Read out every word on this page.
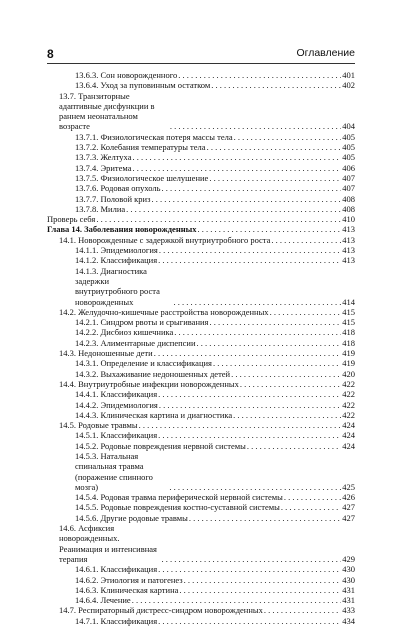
8	Оглавление
13.6.3. Сон новорожденного . . .	401
13.6.4. Уход за пуповинным остатком . . .	402
13.7. Транзиторные адаптивные дисфункции в раннем неонатальном возрасте . . .	404
13.7.1. Физиологическая потеря массы тела . . .	405
13.7.2. Колебания температуры тела . . .	405
13.7.3. Желтуха . . .	405
13.7.4. Эритема . . .	406
13.7.5. Физиологическое шелушение . . .	407
13.7.6. Родовая опухоль . . .	407
13.7.7. Половой криз . . .	408
13.7.8. Милиа . . .	408
Проверь себя . . .	410
Глава 14. Заболевания новорожденных . . .	413
14.1. Новорожденные с задержкой внутриутробного роста . . .	413
14.1.1. Эпидемиология . . .	413
14.1.2. Классификация . . .	413
14.1.3. Диагностика задержки внутриутробного роста новорожденных . . .	414
14.2. Желудочно-кишечные расстройства новорожденных . . .	415
14.2.1. Синдром рвоты и срыгивания . . .	415
14.2.2. Дисбиоз кишечника . . .	418
14.2.3. Алиментарные диспепсии . . .	418
14.3. Недоношенные дети . . .	419
14.3.1. Определение и классификация . . .	419
14.3.2. Выхаживание недоношенных детей . . .	420
14.4. Внутриутробные инфекции новорожденных . . .	422
14.4.1. Классификация . . .	422
14.4.2. Эпидемиология . . .	422
14.4.3. Клиническая картина и диагностика . . .	422
14.5. Родовые травмы . . .	424
14.5.1. Классификация . . .	424
14.5.2. Родовые повреждения нервной системы . . .	424
14.5.3. Натальная спинальная травма (поражение спинного мозга) . . .	425
14.5.4. Родовая травма периферической нервной системы . . .	426
14.5.5. Родовые повреждения костно-суставной системы . . .	427
14.5.6. Другие родовые травмы . . .	427
14.6. Асфиксия новорожденных. Реанимация и интенсивная терапия . . .	429
14.6.1. Классификация . . .	430
14.6.2. Этиология и патогенез . . .	430
14.6.3. Клиническая картина . . .	431
14.6.4. Лечение . . .	431
14.7. Респираторный дистресс-синдром новорожденных . . .	433
14.7.1. Классификация . . .	434
